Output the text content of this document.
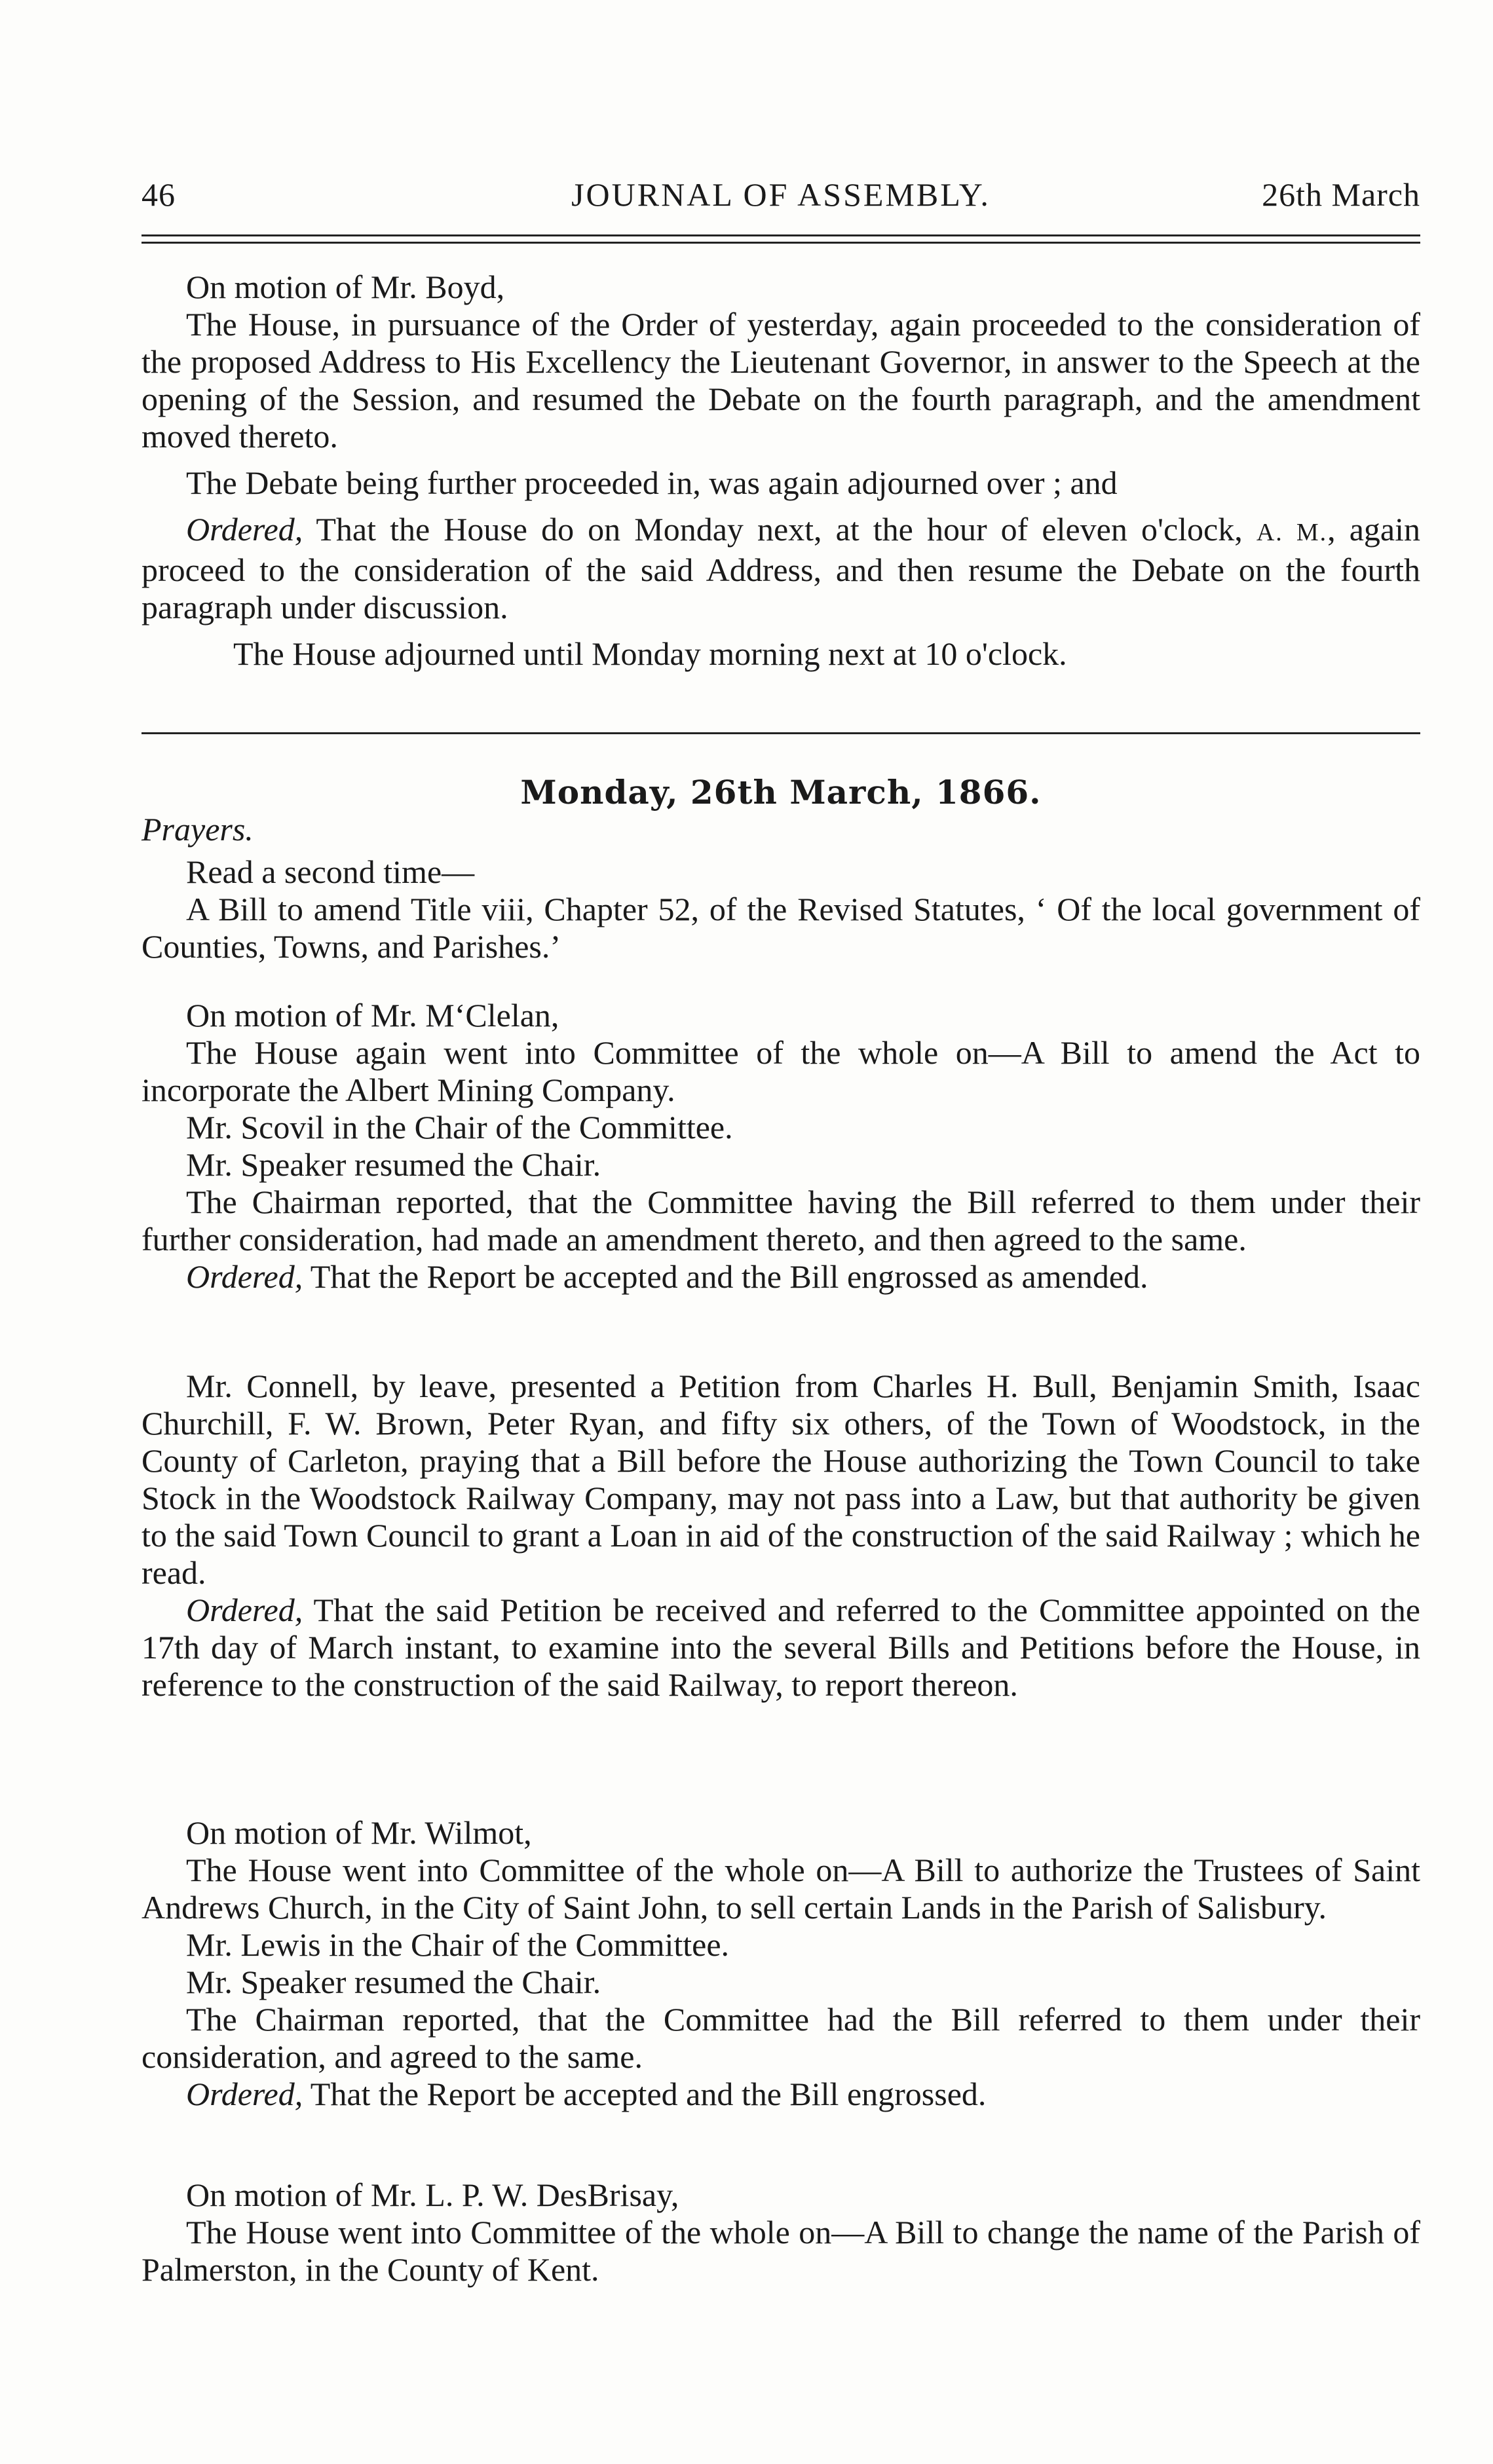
46	JOURNAL OF ASSEMBLY.	26th March

On motion of Mr. Boyd,

The House, in pursuance of the Order of yesterday, again proceeded to the consideration of the proposed Address to His Excellency the Lieutenant Governor, in answer to the Speech at the opening of the Session, and resumed the Debate on the fourth paragraph, and the amendment moved thereto.

The Debate being further proceeded in, was again adjourned over ; and

Ordered, That the House do on Monday next, at the hour of eleven o'clock, A. M., again proceed to the consideration of the said Address, and then resume the Debate on the fourth paragraph under discussion.

The House adjourned until Monday morning next at 10 o'clock.

Monday, 26th March, 1866.
Prayers.

Read a second time—

A Bill to amend Title viii, Chapter 52, of the Revised Statutes, ‘ Of the local government of Counties, Towns, and Parishes.’

On motion of Mr. M‘Clelan,

The House again went into Committee of the whole on—A Bill to amend the Act to incorporate the Albert Mining Company.

Mr. Scovil in the Chair of the Committee.

Mr. Speaker resumed the Chair.

The Chairman reported, that the Committee having the Bill referred to them under their further consideration, had made an amendment thereto, and then agreed to the same.

Ordered, That the Report be accepted and the Bill engrossed as amended.

Mr. Connell, by leave, presented a Petition from Charles H. Bull, Benjamin Smith, Isaac Churchill, F. W. Brown, Peter Ryan, and fifty six others, of the Town of Woodstock, in the County of Carleton, praying that a Bill before the House authorizing the Town Council to take Stock in the Woodstock Railway Company, may not pass into a Law, but that authority be given to the said Town Council to grant a Loan in aid of the construction of the said Railway ; which he read.

Ordered, That the said Petition be received and referred to the Committee appointed on the 17th day of March instant, to examine into the several Bills and Petitions before the House, in reference to the construction of the said Railway, to report thereon.

On motion of Mr. Wilmot,

The House went into Committee of the whole on—A Bill to authorize the Trustees of Saint Andrews Church, in the City of Saint John, to sell certain Lands in the Parish of Salisbury.

Mr. Lewis in the Chair of the Committee.

Mr. Speaker resumed the Chair.

The Chairman reported, that the Committee had the Bill referred to them under their consideration, and agreed to the same.

Ordered, That the Report be accepted and the Bill engrossed.

On motion of Mr. L. P. W. DesBrisay,

The House went into Committee of the whole on—A Bill to change the name of the Parish of Palmerston, in the County of Kent.
